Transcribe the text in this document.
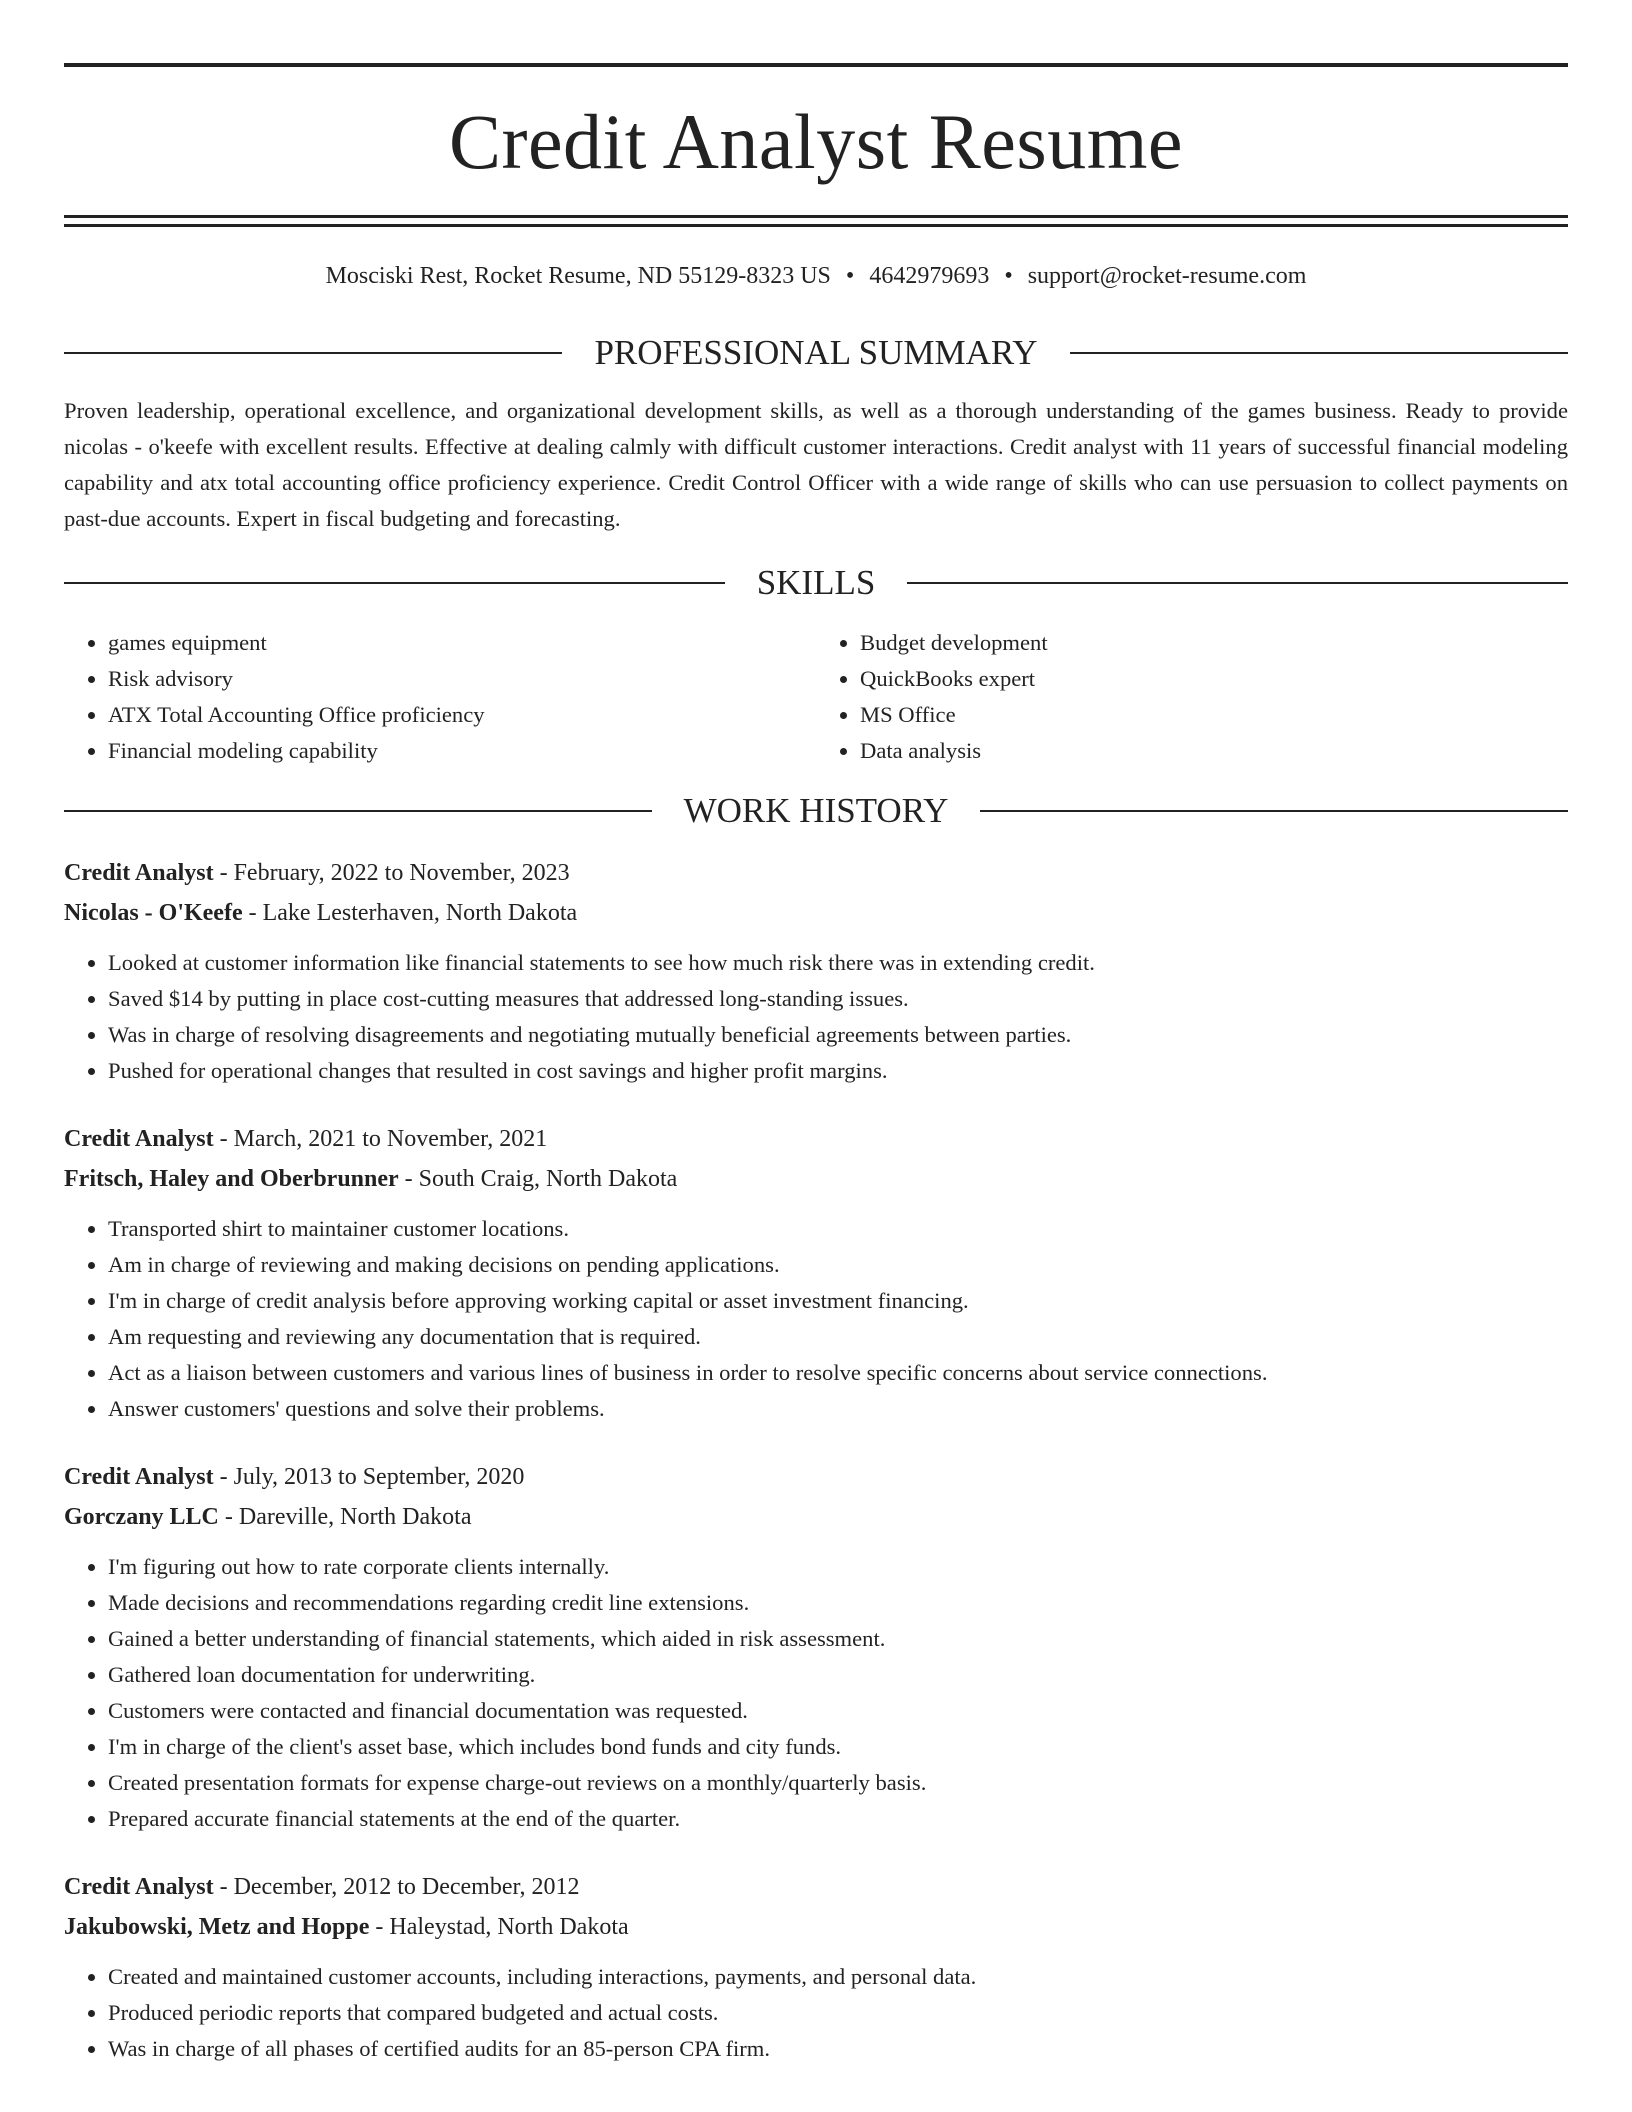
Credit Analyst Resume
Mosciski Rest, Rocket Resume, ND 55129-8323 US • 4642979693 • support@rocket-resume.com
PROFESSIONAL SUMMARY
Proven leadership, operational excellence, and organizational development skills, as well as a thorough understanding of the games business. Ready to provide nicolas - o'keefe with excellent results. Effective at dealing calmly with difficult customer interactions. Credit analyst with 11 years of successful financial modeling capability and atx total accounting office proficiency experience. Credit Control Officer with a wide range of skills who can use persuasion to collect payments on past-due accounts. Expert in fiscal budgeting and forecasting.
SKILLS
• games equipment
• Risk advisory
• ATX Total Accounting Office proficiency
• Financial modeling capability
• Budget development
• QuickBooks expert
• MS Office
• Data analysis
WORK HISTORY
Credit Analyst - February, 2022 to November, 2023
Nicolas - O'Keefe - Lake Lesterhaven, North Dakota
• Looked at customer information like financial statements to see how much risk there was in extending credit.
• Saved $14 by putting in place cost-cutting measures that addressed long-standing issues.
• Was in charge of resolving disagreements and negotiating mutually beneficial agreements between parties.
• Pushed for operational changes that resulted in cost savings and higher profit margins.
Credit Analyst - March, 2021 to November, 2021
Fritsch, Haley and Oberbrunner - South Craig, North Dakota
• Transported shirt to maintainer customer locations.
• Am in charge of reviewing and making decisions on pending applications.
• I'm in charge of credit analysis before approving working capital or asset investment financing.
• Am requesting and reviewing any documentation that is required.
• Act as a liaison between customers and various lines of business in order to resolve specific concerns about service connections.
• Answer customers' questions and solve their problems.
Credit Analyst - July, 2013 to September, 2020
Gorczany LLC - Dareville, North Dakota
• I'm figuring out how to rate corporate clients internally.
• Made decisions and recommendations regarding credit line extensions.
• Gained a better understanding of financial statements, which aided in risk assessment.
• Gathered loan documentation for underwriting.
• Customers were contacted and financial documentation was requested.
• I'm in charge of the client's asset base, which includes bond funds and city funds.
• Created presentation formats for expense charge-out reviews on a monthly/quarterly basis.
• Prepared accurate financial statements at the end of the quarter.
Credit Analyst - December, 2012 to December, 2012
Jakubowski, Metz and Hoppe - Haleystad, North Dakota
• Created and maintained customer accounts, including interactions, payments, and personal data.
• Produced periodic reports that compared budgeted and actual costs.
• Was in charge of all phases of certified audits for an 85-person CPA firm.
